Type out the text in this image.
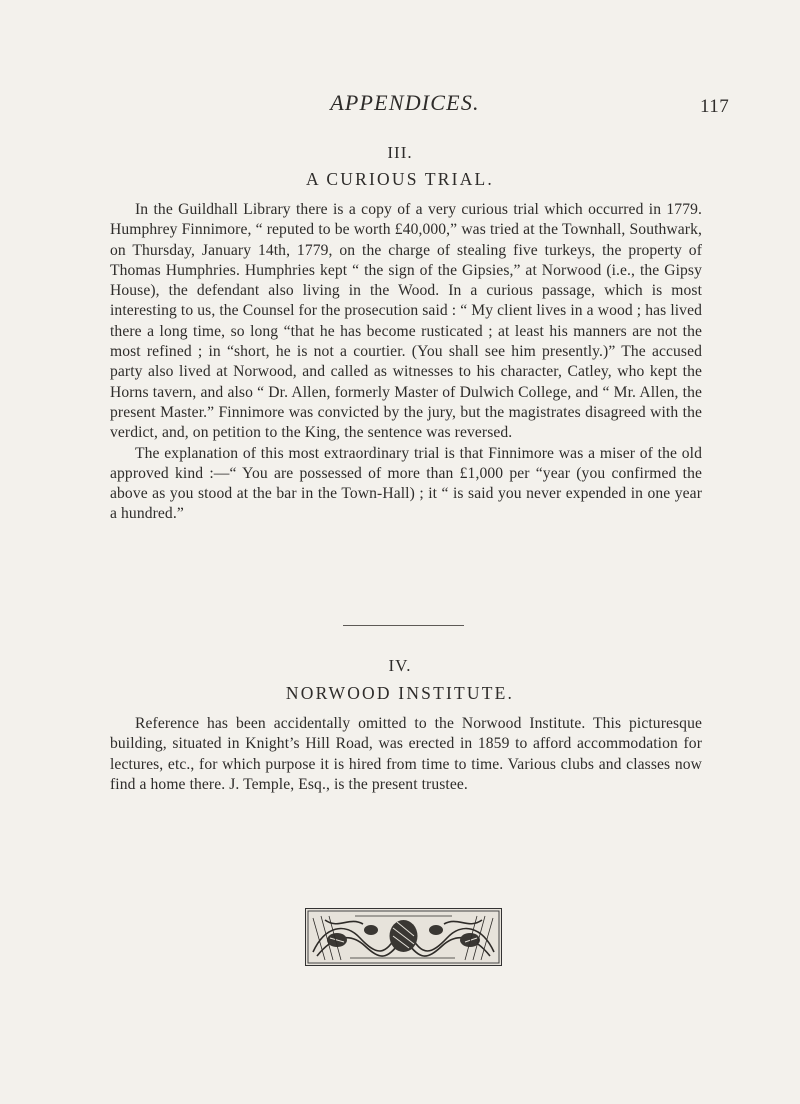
APPENDICES.	117
III.
A CURIOUS TRIAL.

In the Guildhall Library there is a copy of a very curious trial which occurred in 1779. Humphrey Finnimore, “ reputed to be worth £40,000,” was tried at the Townhall, Southwark, on Thursday, January 14th, 1779, on the charge of stealing five turkeys, the property of Thomas Humphries. Humphries kept “ the sign of the Gipsies,” at Norwood (i.e., the Gipsy House), the defendant also living in the Wood. In a curious passage, which is most interesting to us, the Counsel for the prosecution said : “ My client lives in a wood ; has lived there a long time, so long “that he has become rusticated ; at least his manners are not the most refined ; in “short, he is not a courtier. (You shall see him presently.)” The accused party also lived at Norwood, and called as witnesses to his character, Catley, who kept the Horns tavern, and also “ Dr. Allen, formerly Master of Dulwich College, and “ Mr. Allen, the present Master.” Finnimore was convicted by the jury, but the magistrates disagreed with the verdict, and, on petition to the King, the sentence was reversed.

The explanation of this most extraordinary trial is that Finnimore was a miser of the old approved kind :—“ You are possessed of more than £1,000 per “year (you confirmed the above as you stood at the bar in the Town-Hall) ; it “ is said you never expended in one year a hundred.”

IV.
NORWOOD INSTITUTE.

Reference has been accidentally omitted to the Norwood Institute. This picturesque building, situated in Knight’s Hill Road, was erected in 1859 to afford accommodation for lectures, etc., for which purpose it is hired from time to time. Various clubs and classes now find a home there. J. Temple, Esq., is the present trustee.
